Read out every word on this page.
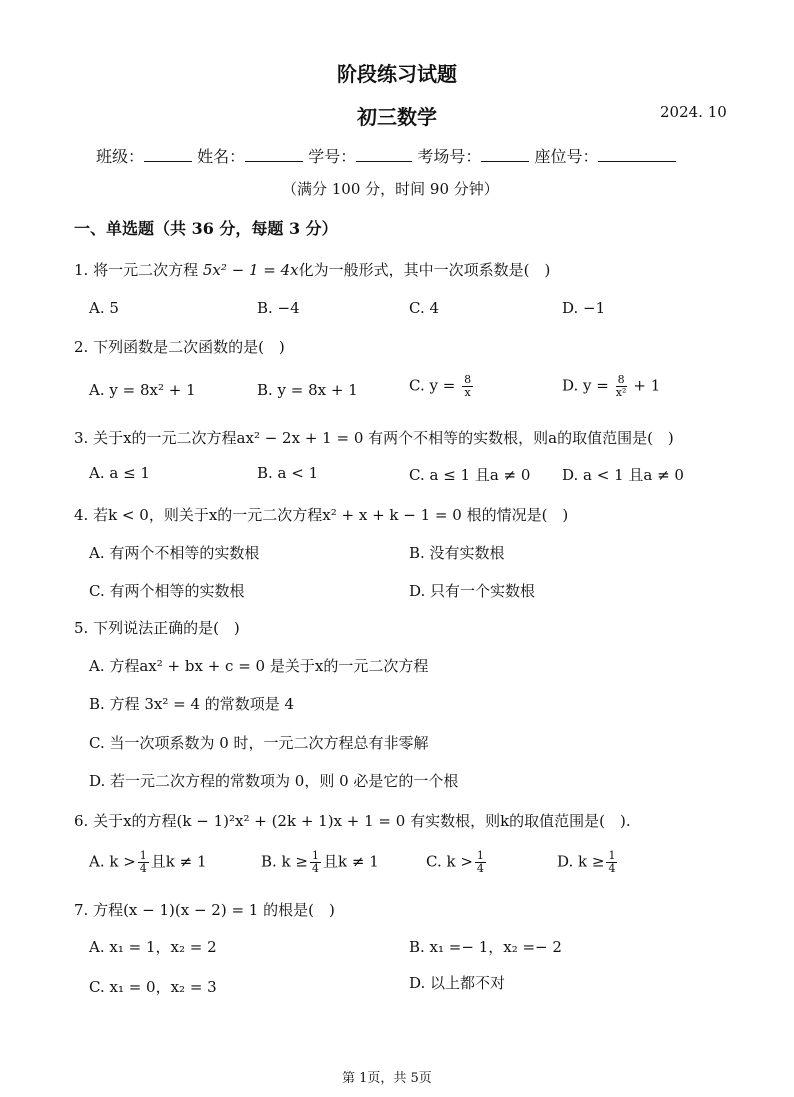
阶段练习试题
初三数学	2024. 10
班级：	姓名：	学号：	考场号：	座位号：
（满分 100 分，时间 90 分钟）
一、单选题（共 36 分，每题 3 分）
1. 将一元二次方程 5x² − 1 = 4x化为一般形式，其中一次项系数是(　)
A. 5	B. −4	C. 4	D. −1
2. 下列函数是二次函数的是(　)
A. y = 8x² + 1	B. y = 8x + 1	C. $y = \frac{8}{x}$	D. $y = \frac{8}{\text{x²}} + 1$
3. 关于x的一元二次方程ax² − 2x + 1 = 0 有两个不相等的实数根，则a的取值范围是(　)
A. a ≤ 1	B. a < 1	C. a ≤ 1 且a ≠ 0 D. a < 1 且a ≠ 0
4. 若k < 0，则关于x的一元二次方程x² + x + k − 1 = 0 根的情况是(　)
A. 有两个不相等的实数根	B. 没有实数根
C. 有两个相等的实数根	D. 只有一个实数根
5. 下列说法正确的是(　)
A. 方程ax² + bx + c = 0 是关于x的一元二次方程
B. 方程 3x² = 4 的常数项是 4
C. 当一次项系数为 0 时，一元二次方程总有非零解
D. 若一元二次方程的常数项为 0，则 0 必是它的一个根
6. 关于x的方程(k − 1)²x² + (2k + 1)x + 1 = 0 有实数根，则k的取值范围是(　).
A. $k > \frac{1}{4}$ 且k ≠ 1	B. $k \ge \frac{1}{4}$ 且k ≠ 1	C. $k > \frac{1}{4}$	D. $k \ge \frac{1}{4}$
7. 方程(x − 1)(x − 2) = 1 的根是(　)
A. x₁ = 1，x₂ = 2	B. x₁ =− 1，x₂ =− 2
C. x₁ = 0，x₂ = 3	D. 以上都不对
第 1页，共 5页
